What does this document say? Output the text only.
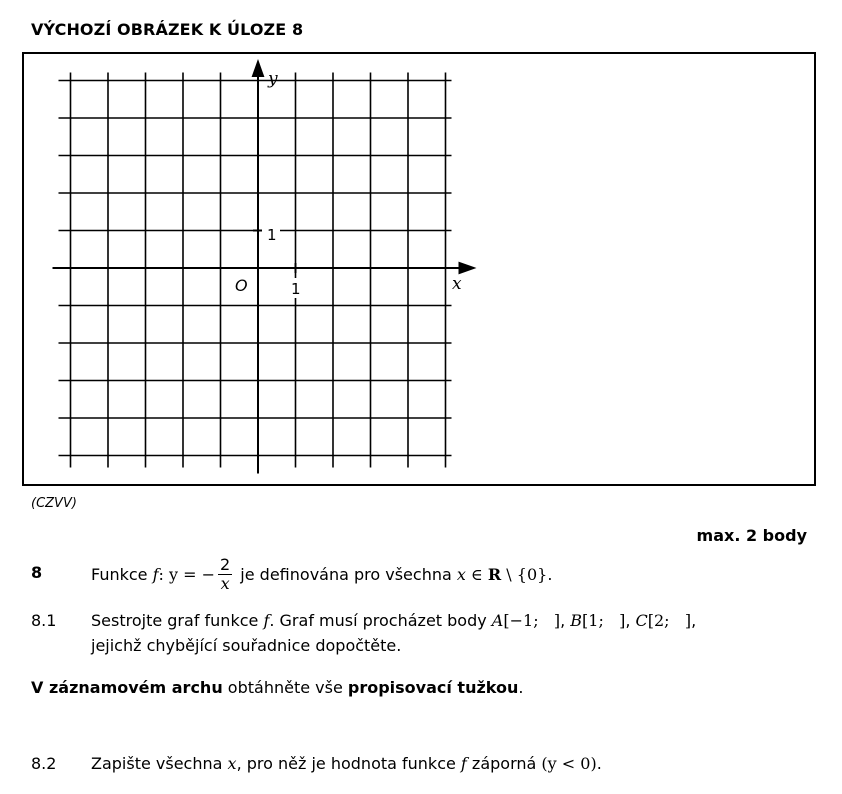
VÝCHOZÍ OBRÁZEK K ÚLOZE 8
y
x
O
1
1
(CZVV)
max. 2 body
8	Funkce f : y = − $\frac{2}{x}$ je definována pro všechna x ∈ R \ {0} .
8.1 Sestrojte graf funkce f. Graf musí procházet body A[−1;   ], B[1;   ], C[2;   ],
jejichž chybějící souřadnice dopočtěte.
V záznamovém archu obtáhněte vše propisovací tužkou.
8.2 Zapište všechna x, pro něž je hodnota funkce f záporná (y < 0).
